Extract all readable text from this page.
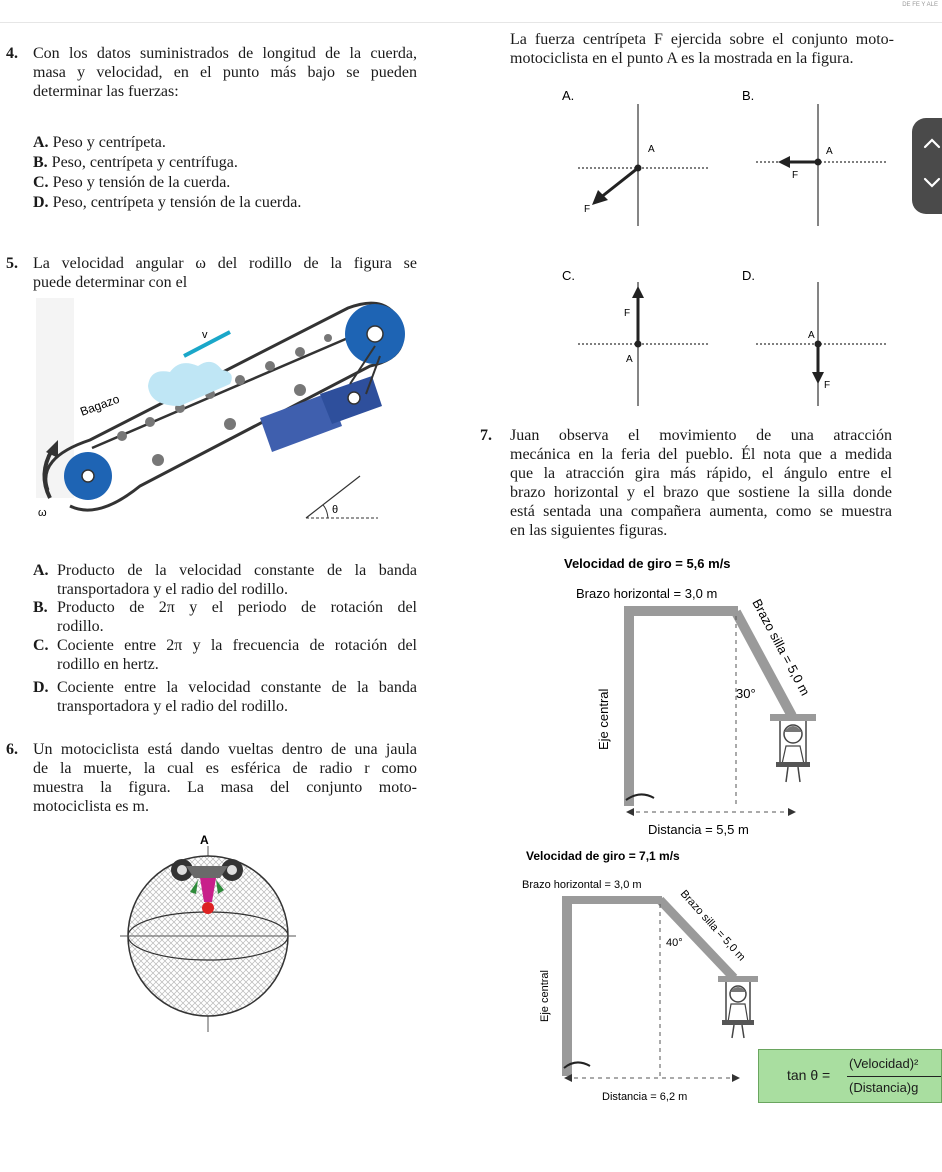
DE FE Y ALE
4. Con los datos suministrados de longitud de la cuerda,
masa y velocidad, en el punto más bajo se pueden
determinar las fuerzas:
A. Peso y centrípeta.
B. Peso, centrípeta y centrífuga.
C. Peso y tensión de la cuerda.
D. Peso, centrípeta y tensión de la cuerda.
5. La velocidad angular ω del rodillo de la figura se
puede determinar con el
v
Bagazo
ω	θ
A. Producto de la velocidad constante de la banda
transportadora y el radio del rodillo.
B. Producto de 2π y el periodo de rotación del
rodillo.
C. Cociente entre 2π y la frecuencia de rotación del
rodillo en hertz.
D. Cociente entre la velocidad constante de la banda
transportadora y el radio del rodillo.
6. Un motociclista está dando vueltas dentro de una jaula
de la muerte, la cual es esférica de radio r como
muestra la figura. La masa del conjunto moto-
motociclista es m.
A
La fuerza centrípeta F ejercida sobre el conjunto moto-
motociclista en el punto A es la mostrada en la figura.
A.
A
F
B.
A
F
C.
F
A
D.
A
F
7. Juan observa el movimiento de una atracción
mecánica en la feria del pueblo. Él nota que a medida
que la atracción gira más rápido, el ángulo entre el
brazo horizontal y el brazo que sostiene la silla donde
está sentada una compañera aumenta, como se muestra
en las siguientes figuras.
Velocidad de giro = 5,6 m/s
Brazo horizontal = 3,0 m
30°
Brazo silla = 5,0 m
Eje central
Distancia = 5,5 m
Velocidad de giro = 7,1 m/s
Brazo horizontal = 3,0 m
40°
Brazo silla = 5,0 m
Eje central
Distancia = 6,2 m
tan θ =
(Velocidad)²
(Distancia)g
